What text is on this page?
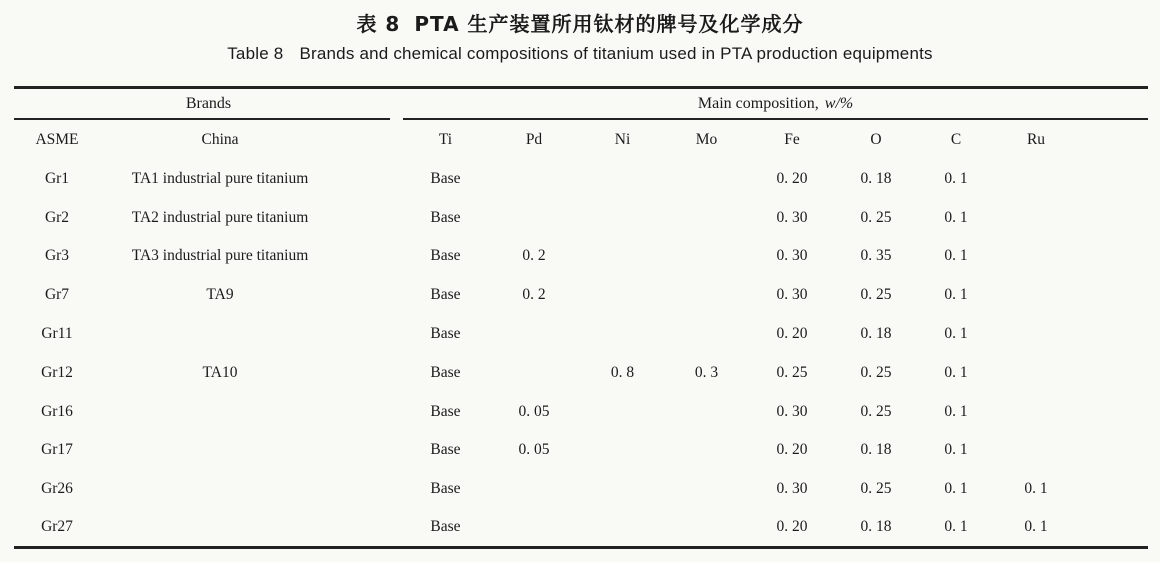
表 8 PTA 生产装置所用钛材的牌号及化学成分
Table 8 Brands and chemical compositions of titanium used in PTA production equipments
Brands			Main composition, w/%								
ASME	China		Ti	Pd	Ni	Mo	Fe	O	C	Ru	
Gr1	TA1 industrial pure titanium		Base				0. 20	0. 18	0. 1		
Gr2	TA2 industrial pure titanium		Base				0. 30	0. 25	0. 1		
Gr3	TA3 industrial pure titanium		Base	0. 2			0. 30	0. 35	0. 1		
Gr7	TA9		Base	0. 2			0. 30	0. 25	0. 1		
Gr11			Base				0. 20	0. 18	0. 1		
Gr12	TA10		Base		0. 8	0. 3	0. 25	0. 25	0. 1		
Gr16			Base	0. 05			0. 30	0. 25	0. 1		
Gr17			Base	0. 05			0. 20	0. 18	0. 1		
Gr26			Base				0. 30	0. 25	0. 1	0. 1	
Gr27			Base				0. 20	0. 18	0. 1	0. 1	
